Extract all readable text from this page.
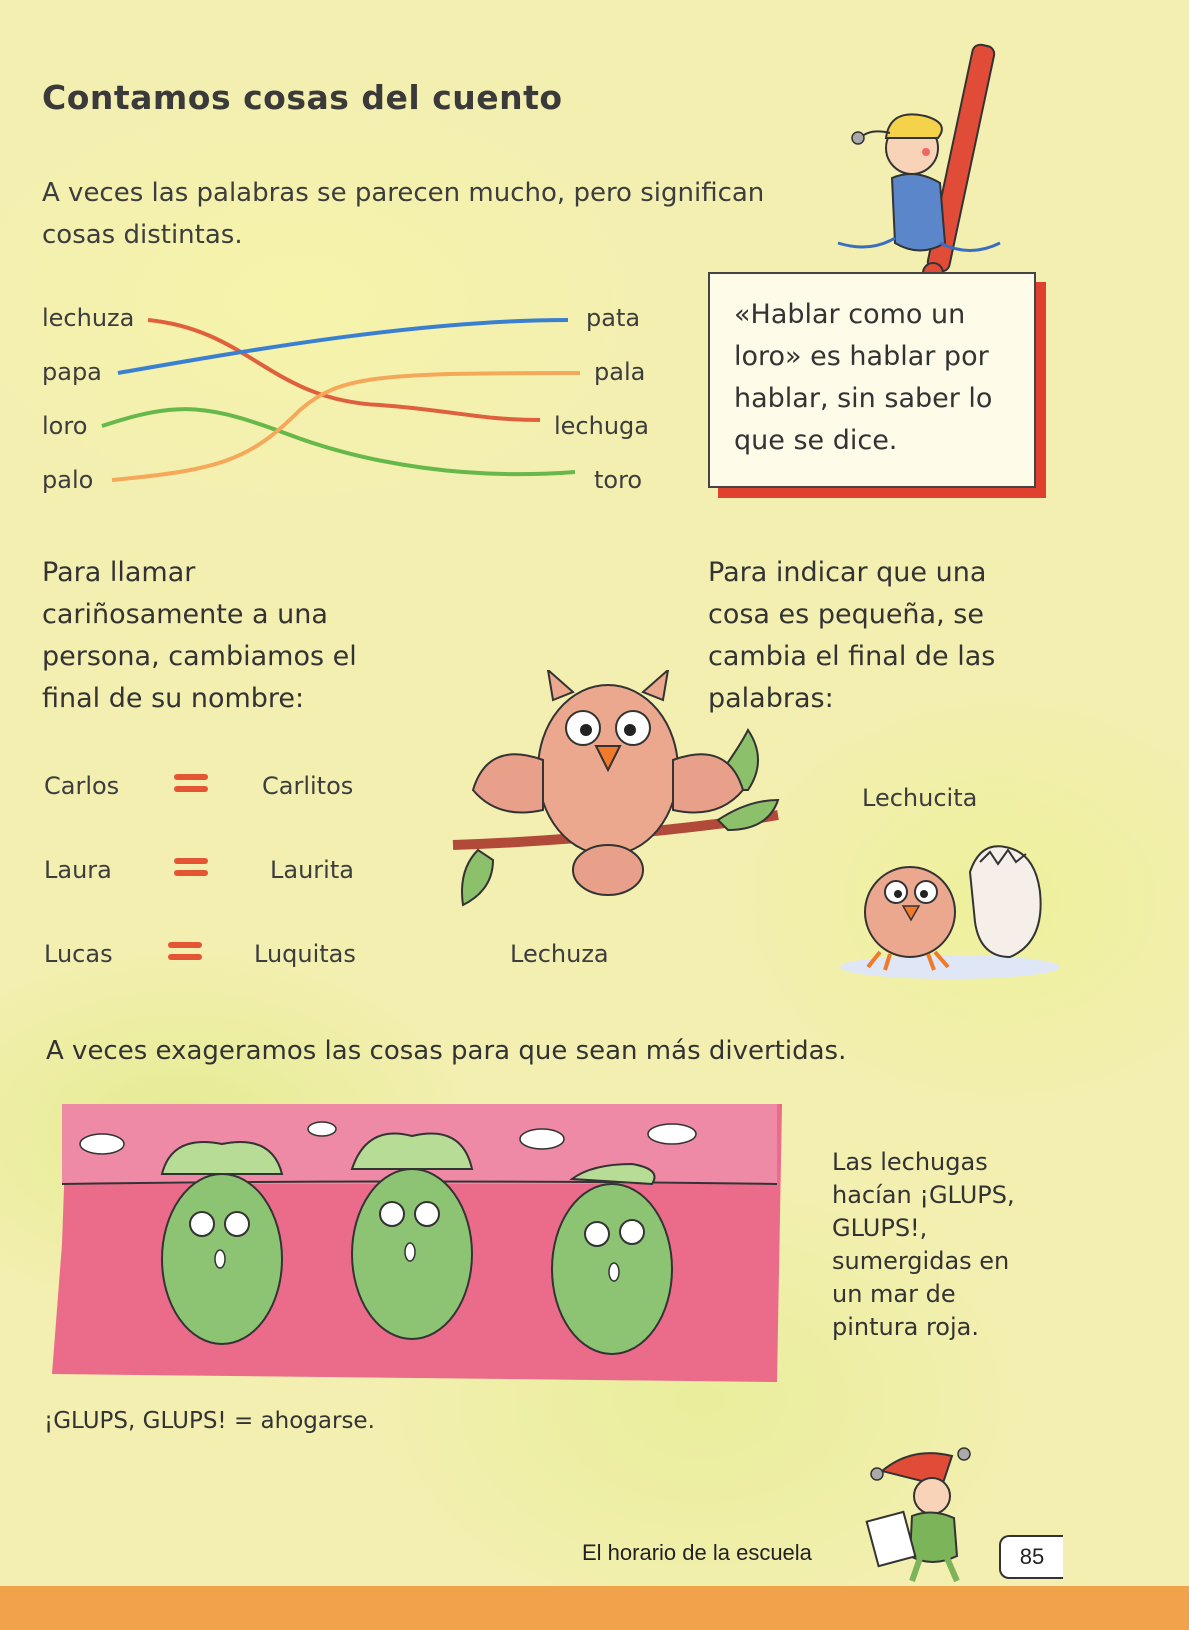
Contamos cosas del cuento
A veces las palabras se parecen mucho, pero significan cosas distintas.
lechuza
papa
loro
palo
pata
pala
lechuga
toro
«Hablar como un loro» es hablar por hablar, sin saber lo que se dice.
Para llamar cariñosamente a una persona, cambiamos el final de su nombre:
Carlos	Carlitos
Laura	Laurita
Lucas	Luquitas
Para indicar que una cosa es pequeña, se cambia el final de las palabras:
Lechuza
Lechucita
A veces exageramos las cosas para que sean más divertidas.
Las lechugas hacían ¡GLUPS, GLUPS!, sumergidas en un mar de pintura roja.
¡GLUPS, GLUPS! = ahogarse.
El horario de la escuela	85
